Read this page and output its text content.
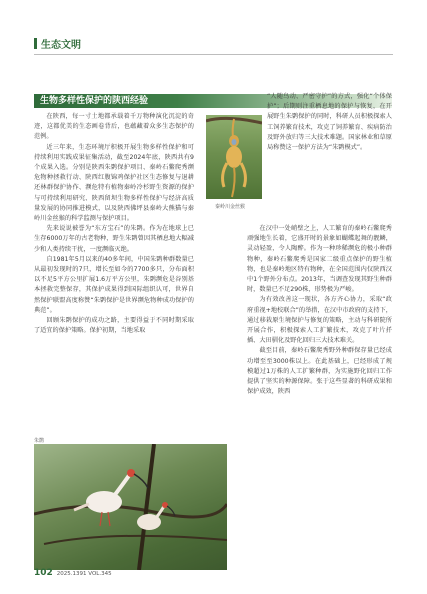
生态文明
生物多样性保护的陕西经验

在陕西，每一寸土地都承载着千万物种演化沉淀的奇迹，这都优美的生态画卷背后，也蕴藏着众多生态保护的范例。

近三年来，生态环境厅积极开展生物多样性保护和可持续利用实践成果征集活动，截至2024年底，陕西共有9个成果入选。分别是陕西朱鹮保护项目、秦岭石鳖爬秀濒危物种拯救行动、陕西红腹锦鸡保护社区生态修复与退耕还林群保护协作、濒危特有植物秦岭冷杉野生资源的保护与可持续利用研究、陕西留坝生物多样性保护与经济高质量发展的协同推进模式，以及陕西佛坪县秦岭大熊猫与秦岭川金丝猴的科学监测与保护项目。

先来说说被誉为“东方宝石”的朱鹮。作为在地球上已生存6000万年的古老物种，野生朱鹮曾因其栖息地大幅减少和人类持续干扰，一度濒临灭绝。

自1981年5月以来的40多年间，中国朱鹮种群数量已从最初发现时的7只，增长至如今的7700多只，分布面积以不足5平方公里扩展1.6万平方公里，朱鹮濒危是谷别基本拯救完整保存，其保护成果得到国际组织认可，世界自然保护联盟高度称赞“朱鹮保护是世界濒危物种成功保护的典范”。

回顾朱鹮保护的成功之路，主要得益于不同时期采取了适宜的保护策略。保护初期，当地采取

秦岭川金丝猴

“人随鸟动、严密守护”的方式，强化“个体保护”；后期则注重栖息地的保护与恢复，在开展野生朱鹮保护的同时，科研人员积极探索人工饲养繁育技术，攻克了饲养繁育、疾病防治及野外放归等三大技术难题。国家林业和草原局称赞这一保护方法为“朱鹮模式”。

在汉中一处峭壁之上，人工繁育的秦岭石鳖爬秀顽强地生长着，它盛开时的景象如蝴蝶起舞的靓鳞，灵动轻盈，令人陶醉。作为一种珍稀濒危的极小种群物种，秦岭石鳖爬秀是国家二级重点保护的野生植物，也是秦岭地区特有物种，在全国范围内仅陕西汉中1个野外分布点。2013年，当调查发现其野生种群时，数量已不足290株，形势极为严峻。

为有效改善这一现状，各方齐心协力，采取“政府重视+地校联合”的举措，在汉中市政府的支持下，通过移栽原生境保护与修复的策略，主动与科研院所开展合作，积极探索人工扩繁技术，攻克了叶片扦插、大田驯化及野化回归三大技术难关。

截至目前，秦岭石鳖爬秀野外种群保存量已经成功增至至3000株以上。在此基础上，已经形成了规模超过1万株的人工扩繁种群，为实施野化回归工作提供了坚实的种源保障。张于这些显著的科研成果和保护成效，陕西

朱鹮
102 2025.1391 VOL.345
